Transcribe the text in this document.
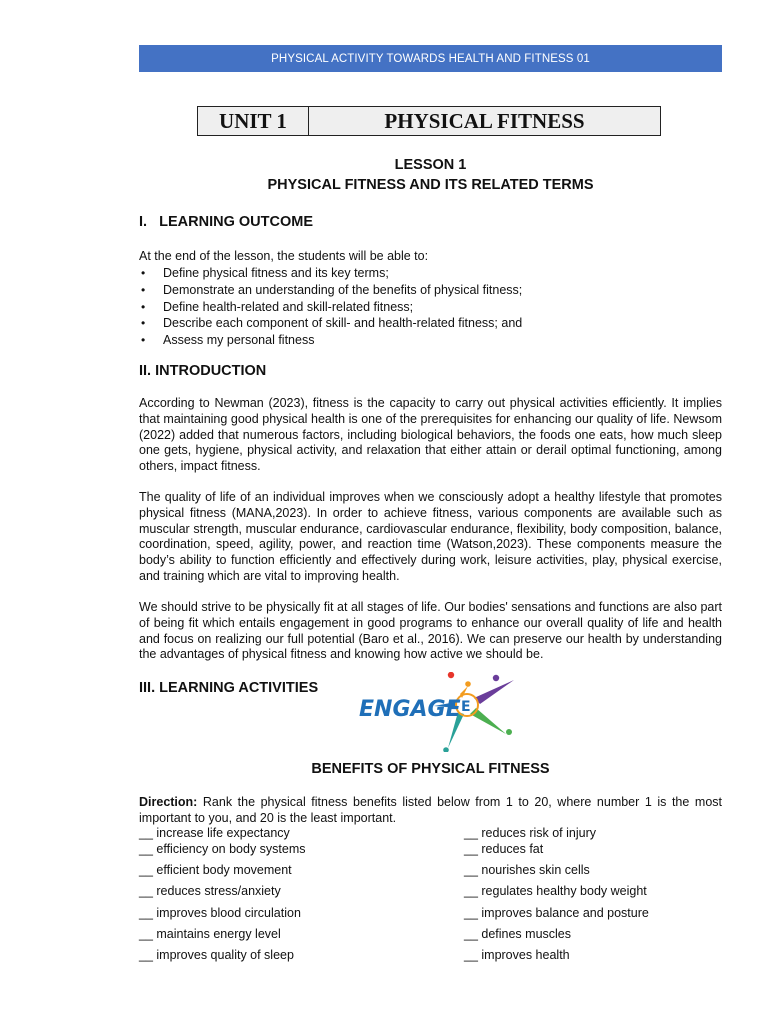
PHYSICAL ACTIVITY TOWARDS HEALTH AND FITNESS 01
UNIT 1	PHYSICAL FITNESS
LESSON 1
PHYSICAL FITNESS AND ITS RELATED TERMS
I.   LEARNING OUTCOME
At the end of the lesson, the students will be able to:
• Define physical fitness and its key terms;
• Demonstrate an understanding of the benefits of physical fitness;
• Define health-related and skill-related fitness;
• Describe each component of skill- and health-related fitness; and
• Assess my personal fitness
II. INTRODUCTION
According to Newman (2023), fitness is the capacity to carry out physical activities efficiently. It implies that maintaining good physical health is one of the prerequisites for enhancing our quality of life. Newsom (2022) added that numerous factors, including biological behaviors, the foods one eats, how much sleep one gets, hygiene, physical activity, and relaxation that either attain or derail optimal functioning, among others, impact fitness.
The quality of life of an individual improves when we consciously adopt a healthy lifestyle that promotes physical fitness (MANA,2023). In order to achieve fitness, various components are available such as muscular strength, muscular endurance, cardiovascular endurance, flexibility, body composition, balance, coordination, speed, agility, power, and reaction time (Watson,2023). These components measure the body’s ability to function efficiently and effectively during work, leisure activities, play, physical exercise, and training which are vital to improving health.
We should strive to be physically fit at all stages of life. Our bodies' sensations and functions are also part of being fit which entails engagement in good programs to enhance our overall quality of life and health and focus on realizing our full potential (Baro et al., 2016). We can preserve our health by understanding the advantages of physical fitness and knowing how active we should be.
III. LEARNING ACTIVITIES
ENGAGE E
BENEFITS OF PHYSICAL FITNESS
Direction: Rank the physical fitness benefits listed below from 1 to 20, where number 1 is the most important to you, and 20 is the least important.
__ increase life expectancy
__ efficiency on body systems
__ efficient body movement
__ reduces stress/anxiety
__ improves blood circulation
__ maintains energy level
__ improves quality of sleep
__ reduces risk of injury
__ reduces fat
__ nourishes skin cells
__ regulates healthy body weight
__ improves balance and posture
__ defines muscles
__ improves health
